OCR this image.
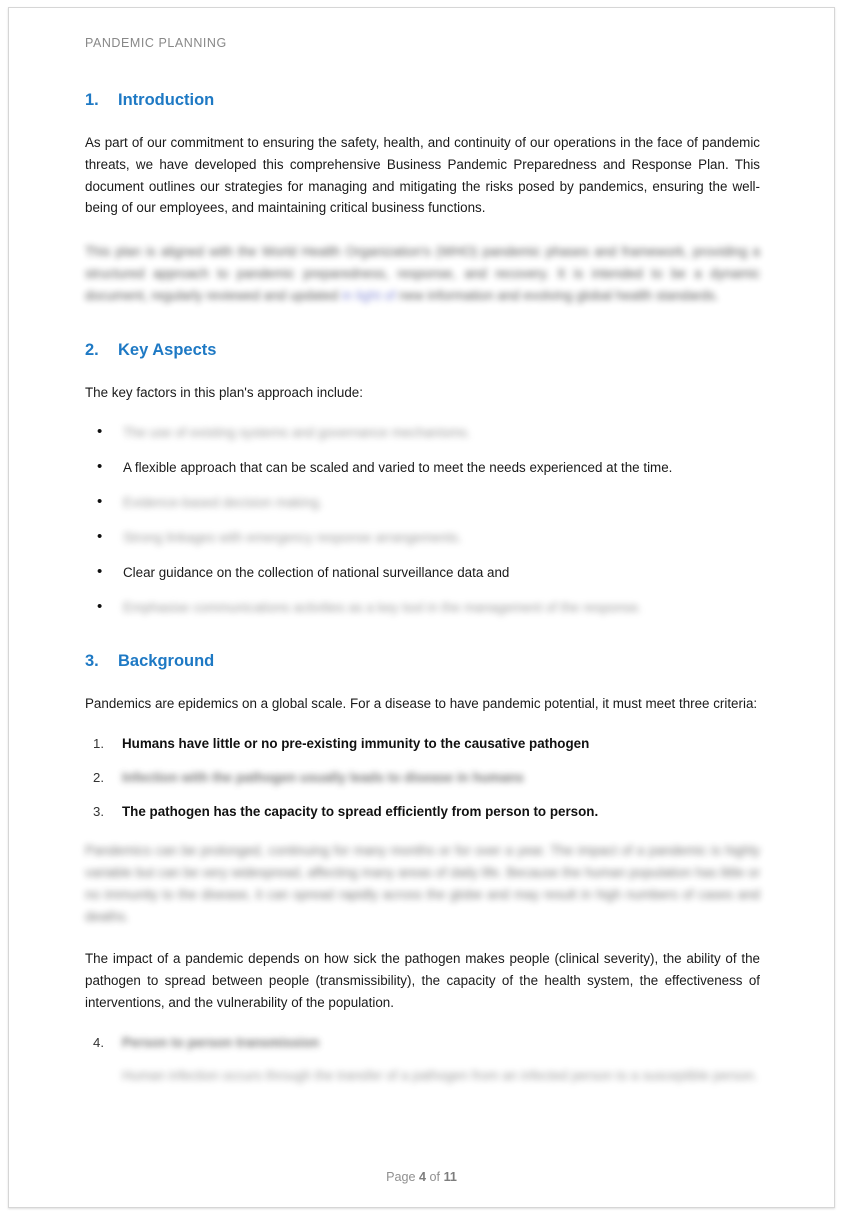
PANDEMIC PLANNING
1.	Introduction

As part of our commitment to ensuring the safety, health, and continuity of our operations in the face of pandemic threats, we have developed this comprehensive Business Pandemic Preparedness and Response Plan. This document outlines our strategies for managing and mitigating the risks posed by pandemics, ensuring the well-being of our employees, and maintaining critical business functions.

This plan is aligned with the World Health Organization's (WHO) pandemic phases and framework, providing a structured approach to pandemic preparedness, response, and recovery. It is intended to be a dynamic document, regularly reviewed and updated in light of new information and evolving global health standards.

2.	Key Aspects

The key factors in this plan's approach include:

• The use of existing systems and governance mechanisms.
• A flexible approach that can be scaled and varied to meet the needs experienced at the time.
• Evidence-based decision making.
• Strong linkages with emergency response arrangements.
• Clear guidance on the collection of national surveillance data and
• Emphasise communications activities as a key tool in the management of the response.
3.	Background

Pandemics are epidemics on a global scale. For a disease to have pandemic potential, it must meet three criteria:

1. Humans have little or no pre-existing immunity to the causative pathogen
2. Infection with the pathogen usually leads to disease in humans
3. The pathogen has the capacity to spread efficiently from person to person.

Pandemics can be prolonged, continuing for many months or for over a year. The impact of a pandemic is highly variable but can be very widespread, affecting many areas of daily life. Because the human population has little or no immunity to the disease, it can spread rapidly across the globe and may result in high numbers of cases and deaths.

The impact of a pandemic depends on how sick the pathogen makes people (clinical severity), the ability of the pathogen to spread between people (transmissibility), the capacity of the health system, the effectiveness of interventions, and the vulnerability of the population.

4. Person to person transmission
Human infection occurs through the transfer of a pathogen from an infected person to a susceptible person.
Page 4 of 11
